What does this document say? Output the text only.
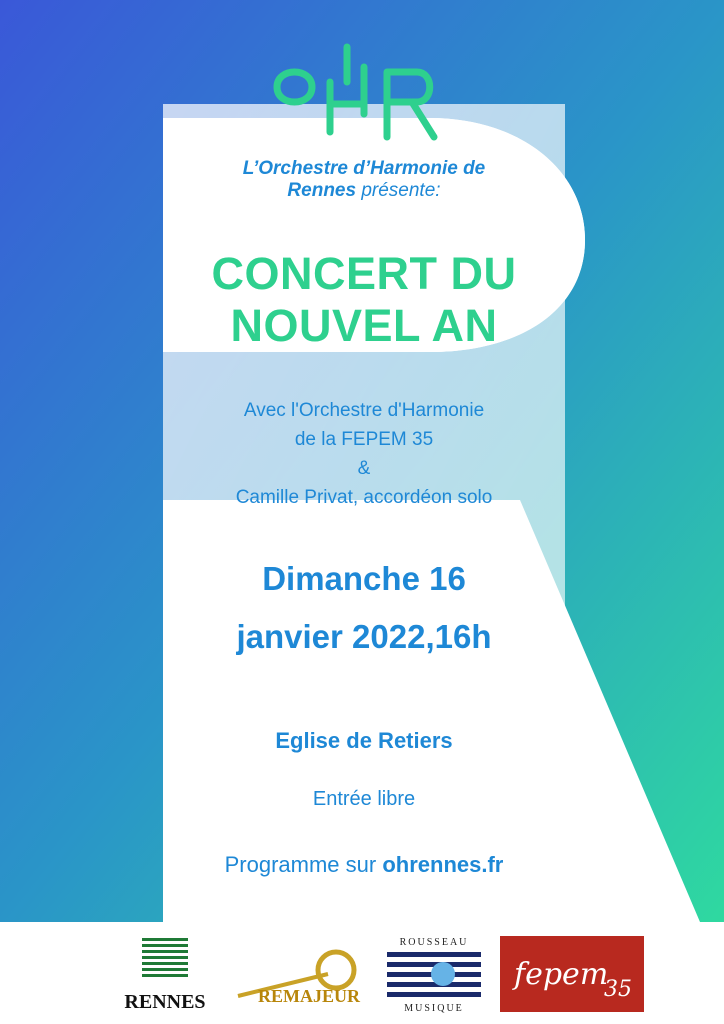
L’Orchestre d’Harmonie de
Rennes présente:
CONCERT DU
NOUVEL AN
Avec l'Orchestre d'Harmonie
de la FEPEM 35
&
Camille Privat, accordéon solo
Dimanche 16
janvier 2022,16h
Eglise de Retiers
Entrée libre
Programme sur ohrennes.fr
RENNES	REMAJEUR
ROUSSEAU
MUSIQUE
fepem
35
